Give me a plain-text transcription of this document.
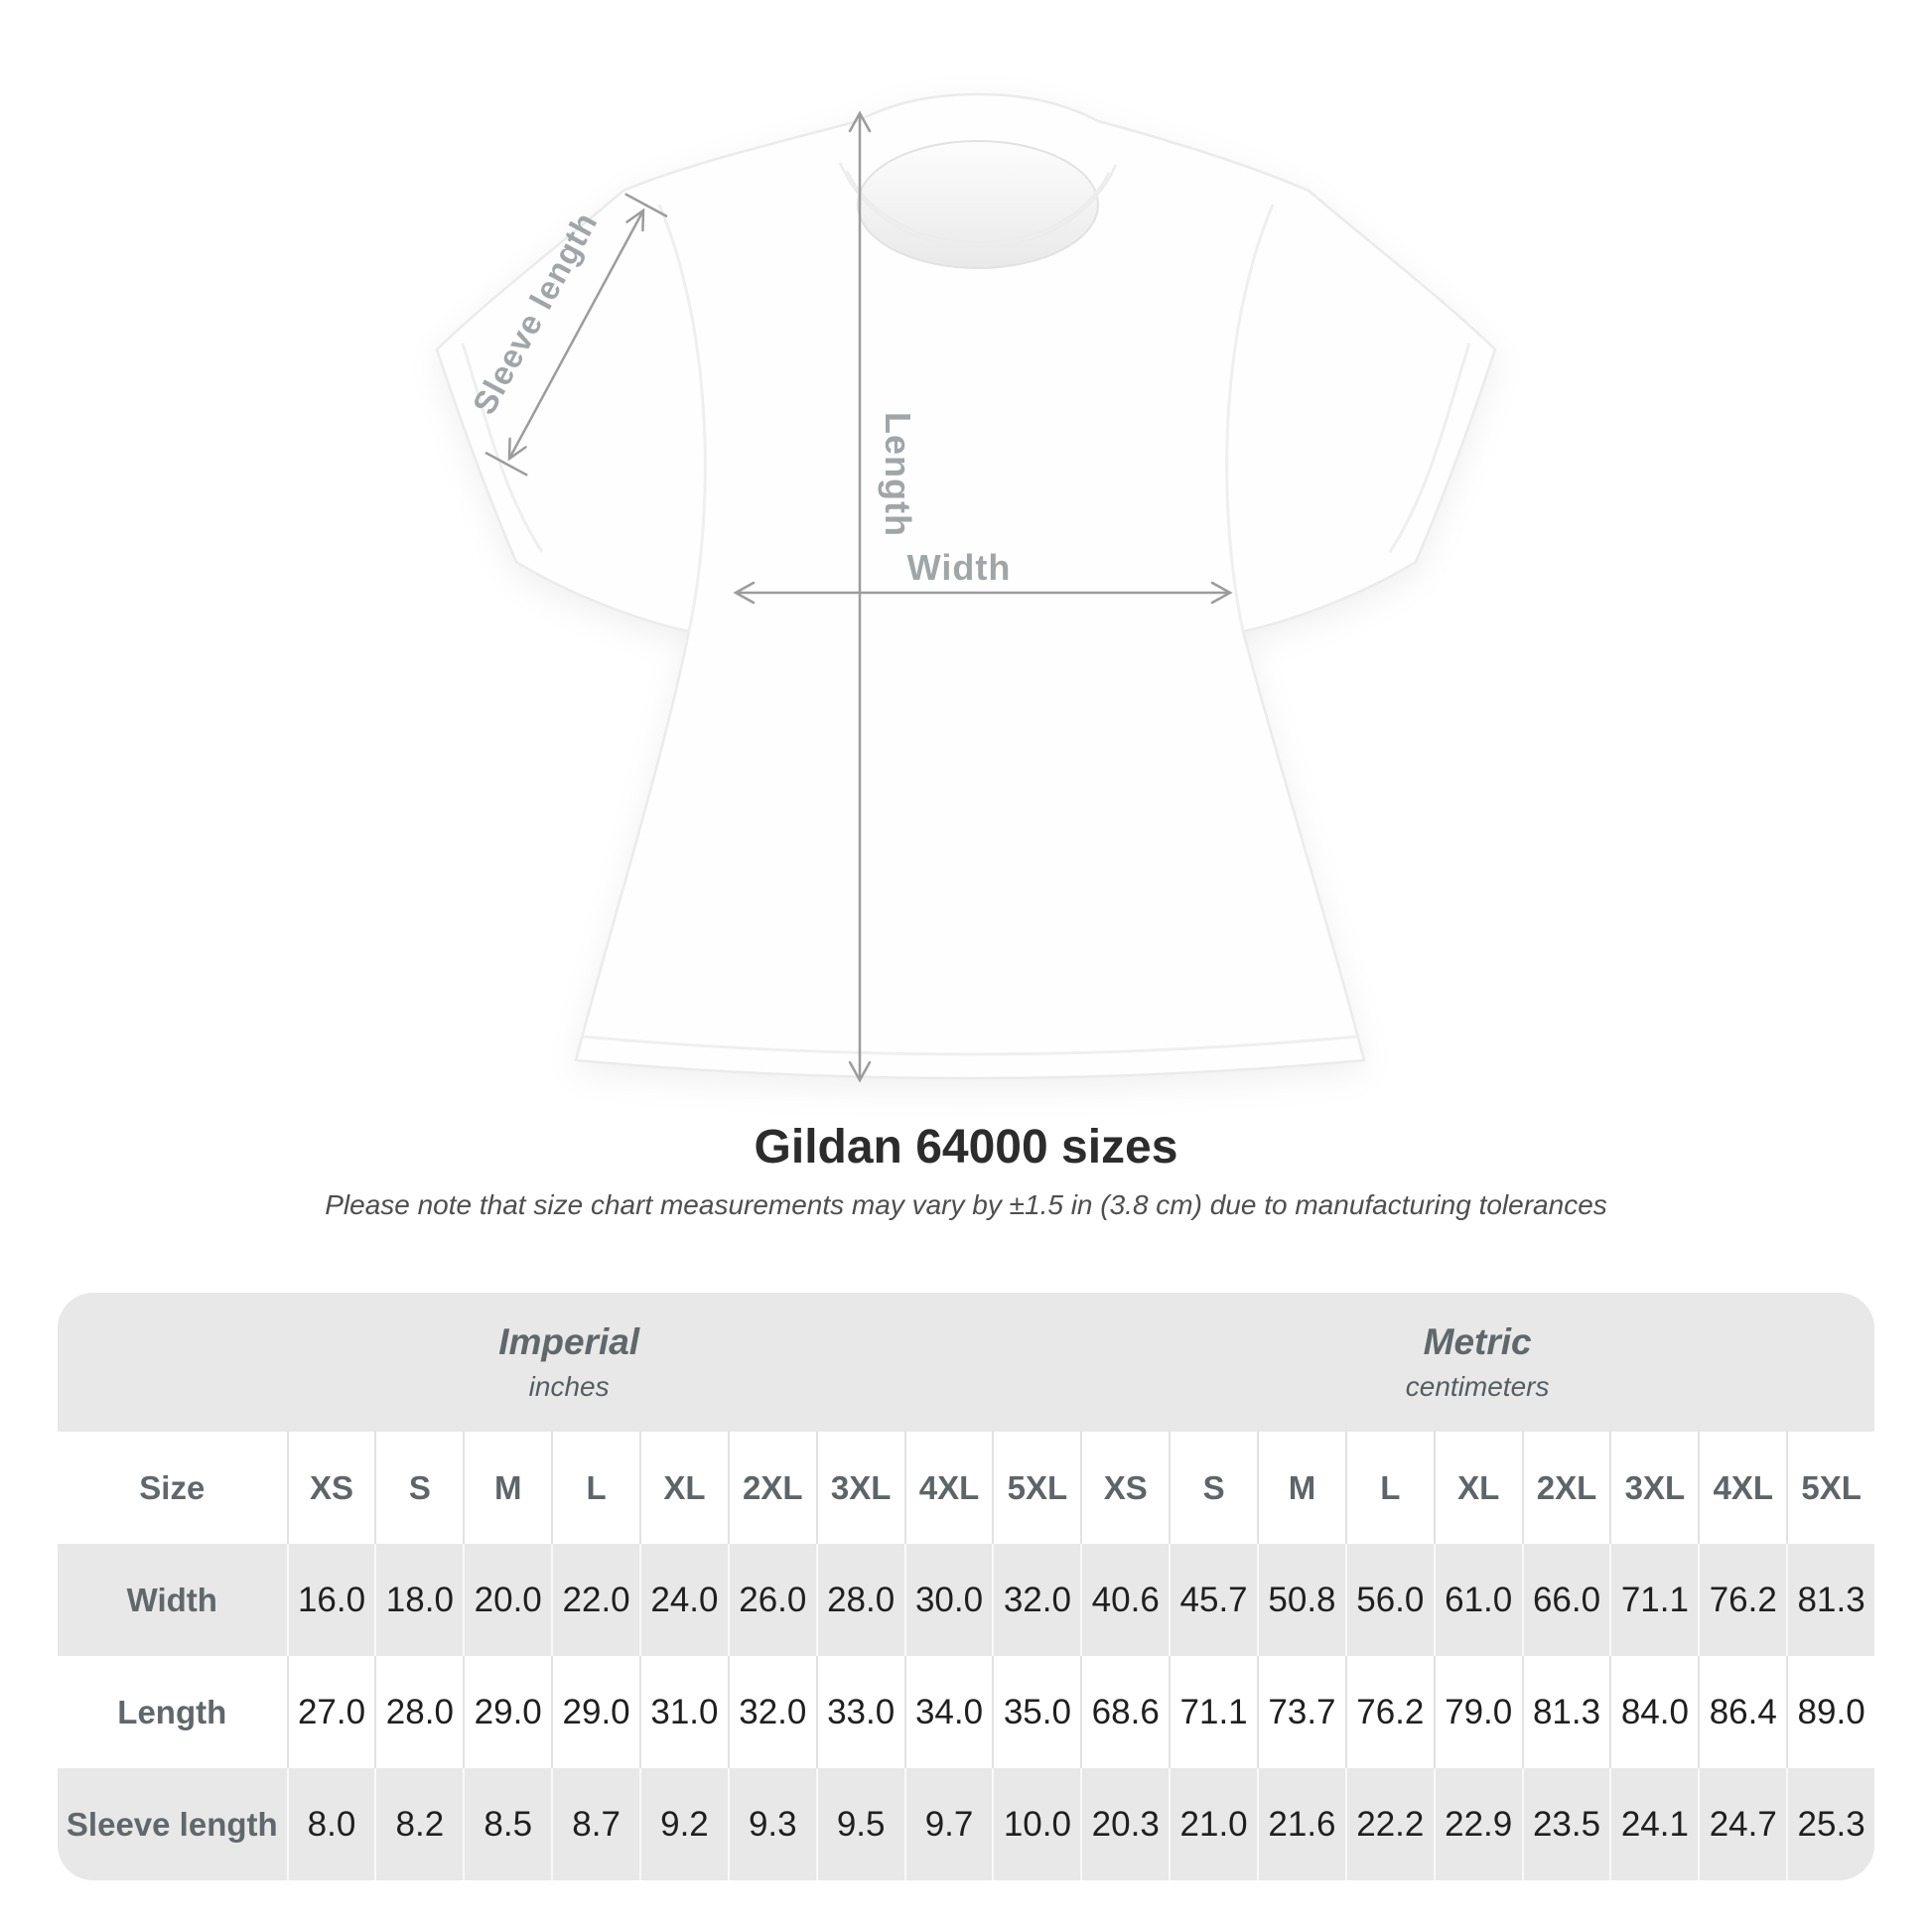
Width
Length
Sleeve length
Gildan 64000 sizes

Please note that size chart measurements may vary by ±1.5 in (3.8 cm) due to manufacturing tolerances

Imperial
inches
Metric
centimeters
Size	XS	S	M	L	XL	2XL 3XL 4XL 5XL	XS	S	M	L	XL	2XL 3XL 4XL 5XL
Width	16.0 18.0 20.0 22.0 24.0 26.0 28.0 30.0 32.0 40.6 45.7 50.8 56.0 61.0 66.0 71.1 76.2 81.3
Length	27.0 28.0 29.0 29.0 31.0 32.0 33.0 34.0 35.0 68.6 71.1 73.7 76.2 79.0 81.3 84.0 86.4 89.0
Sleeve length 8.0	8.2	8.5	8.7	9.2	9.3	9.5	9.7 10.0 20.3 21.0 21.6 22.2 22.9 23.5 24.1 24.7 25.3
